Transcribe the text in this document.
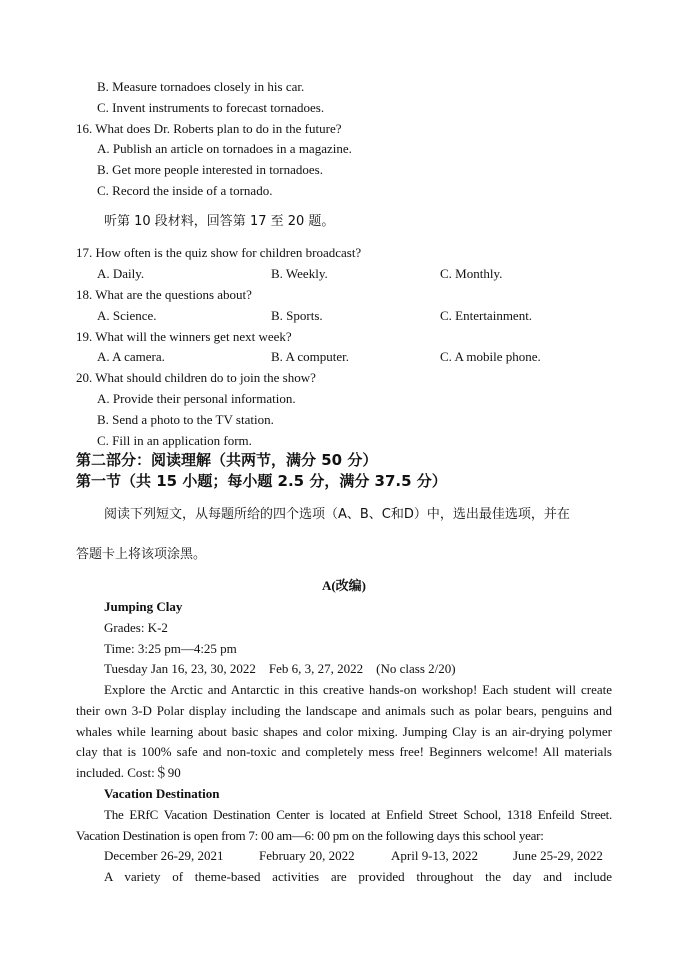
B. Measure tornadoes closely in his car.
C. Invent instruments to forecast tornadoes.
16. What does Dr. Roberts plan to do in the future?
A. Publish an article on tornadoes in a magazine.
B. Get more people interested in tornadoes.
C. Record the inside of a tornado.
听第 10 段材料，回答第 17 至 20 题。
17. How often is the quiz show for children broadcast?
A. Daily.	B. Weekly.	C. Monthly.
18. What are the questions about?
A. Science.	B. Sports.	C. Entertainment.
19. What will the winners get next week?
A. A camera.	B. A computer.	C. A mobile phone.
20. What should children do to join the show?
A. Provide their personal information.
B. Send a photo to the TV station.
C. Fill in an application form.
第二部分：阅读理解（共两节，满分 50 分）
第一节（共 15 小题；每小题 2.5 分，满分 37.5 分）
阅读下列短文，从每题所给的四个选项（A、B、C和D）中，选出最佳选项，并在
答题卡上将该项涂黑。
A(改编)
Jumping Clay
Grades: K-2
Time: 3:25 pm—4:25 pm
Tuesday Jan 16, 23, 30, 2022    Feb 6, 3, 27, 2022    (No class 2/20)
Explore the Arctic and Antarctic in this creative hands-on workshop! Each student will create their own 3-D Polar display including the landscape and animals such as polar bears, penguins and whales while learning about basic shapes and color mixing. Jumping Clay is an air-drying polymer clay that is 100% safe and non-toxic and completely mess free! Beginners welcome! All materials included. Cost:＄90
Vacation Destination
The ERfC Vacation Destination Center is located at Enfield Street School, 1318 Enfeild Street. Vacation Destination is open from 7: 00 am—6: 00 pm on the following days this school year:
December 26-29, 2021	February 20, 2022	April 9-13, 2022	June 25-29, 2022
A variety of theme-based activities are provided throughout the day and include
